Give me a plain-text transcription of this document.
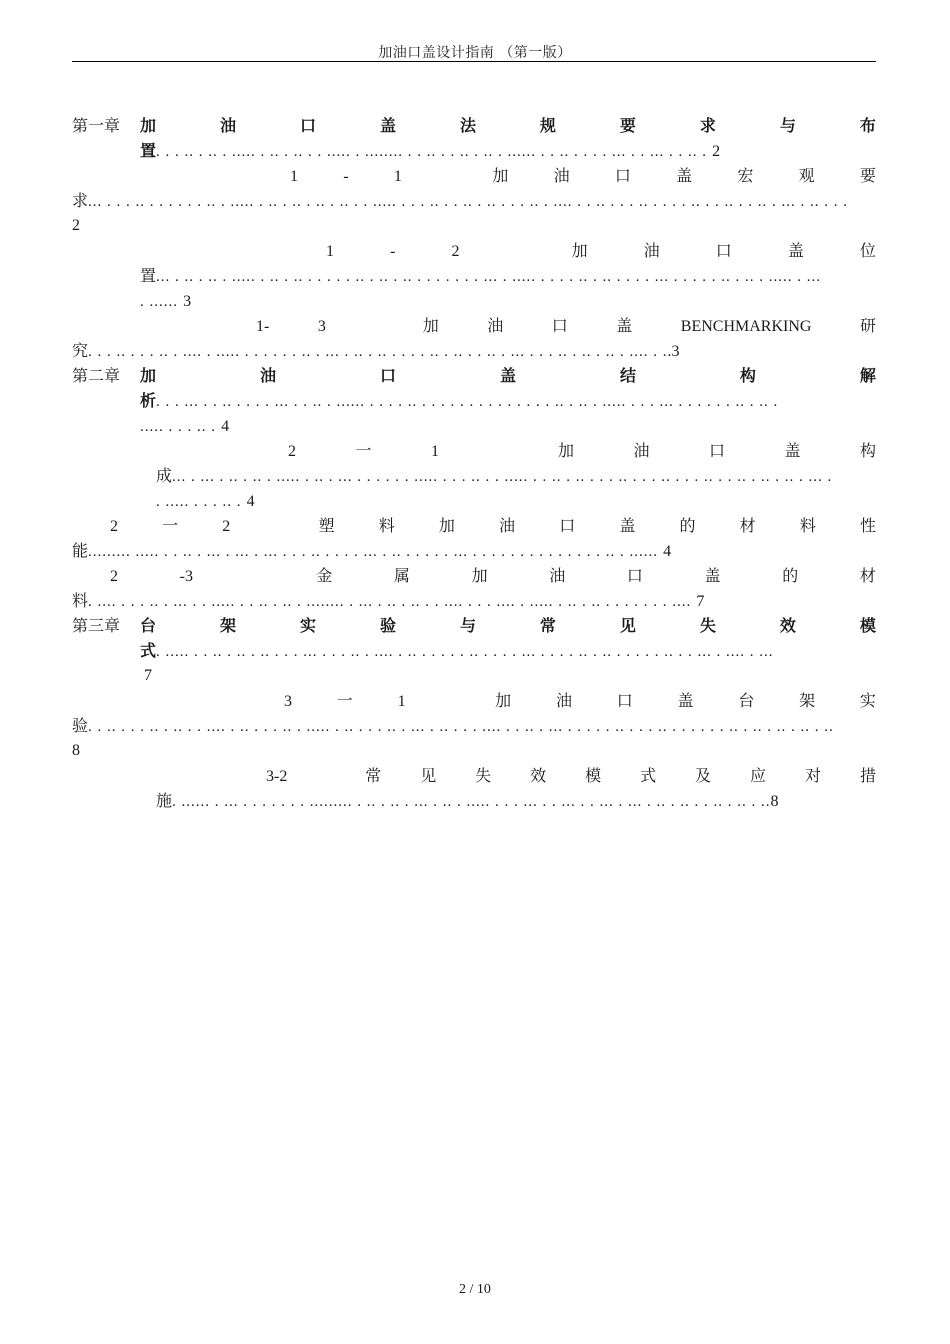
加油口盖设计指南 （第一版）
第一章 加	油	口	盖	法	规	要	求	与	布
置. . . .. . .. . ..... . .. . .. . . ..... . ........ . . .. . . .. . .. . ...... . . .. . . . . ... . . ... . . .. . 2
1	-	1	加	油	口	盖	宏	观	要
求... . . . .. . . . . . . .. . ..... . .. . .. . .. . .. . . ..... . . . .. . . .. . .. . . . .. . .... . . .. . . . .. . . . . .. . . .. . . .. . ... . .. . . .
2
1	-	2	加	油	口	盖	位
置... . .. . .. . ..... . .. . .. . . . . . .. . .. . .. . . . . . . . ... . ..... . . . . .. . .. . . . . ... . . . . . .. . .. . ..... . ...
. ...... 3
1-	3	加	油	口	盖	BENCHMARKING	研
究. . . .. . . . .. . .... . ..... . . . . . . .. . ... . .. . .. . . . . .. . .. . . .. . ... . . . .. . .. . .. . .... . ..3
第二章 加	油	口	盖	结	构	解
析. . . ... . . .. . . . . ... . . .. . ...... . . . . .. . . . . . . . . . . . . . . .. . .. . ..... . . . ... . . . . . . .. . .. .
..... . . . .. . 4
2	一	1	加	油	口	盖	构
成... . ... . .. . .. . ..... . .. . ... . . . . . . ..... . . . .. . . ..... . . .. . .. . . . .. . . . .. . . . .. . . .. . .. . .. . ... .
. ..... . . . .. . 4
2	一	2	塑	料	加	油	口	盖	的	材	料	性
能......... ..... . . .. . ... . ... . ... . . . .. . . . . ... . .. . . . . . ... . . . . . . . . . . . . . . .. . ...... 4
2	-3	金	属	加	油	口	盖	的	材
料. .... . . . .. . ... . . ..... . . .. . .. . ........ . ... . .. . .. . . .... . . . .... . ..... . .. . .. . . . . . . . .... 7
第三章 台	架	实	验	与	常	见	失	效	模
式. ..... . . .. . .. . .. . . . ... . . . .. . .... . .. . . . . . .. . . . . ... . . . . .. . .. . . . . . .. . . ... . .... . ...
7
3	一	1	加	油	口	盖	台	架	实
验. . .. . . . .. . .. . . .... . .. . . . .. . ..... . .. . . . .. . ... . .. . . . .... . . .. . ... . . . . . .. . . . .. . . . . . . .. . .. . .. . .. . ..
8
3-2	常 见 失 效 模 式 及 应 对 措
施. ...... . ... . . . . . . . ......... . .. . .. . ... . .. . ..... . . . ... . . ... . . ... . ... . .. . .. . . .. . .. . ..8
2 / 10
